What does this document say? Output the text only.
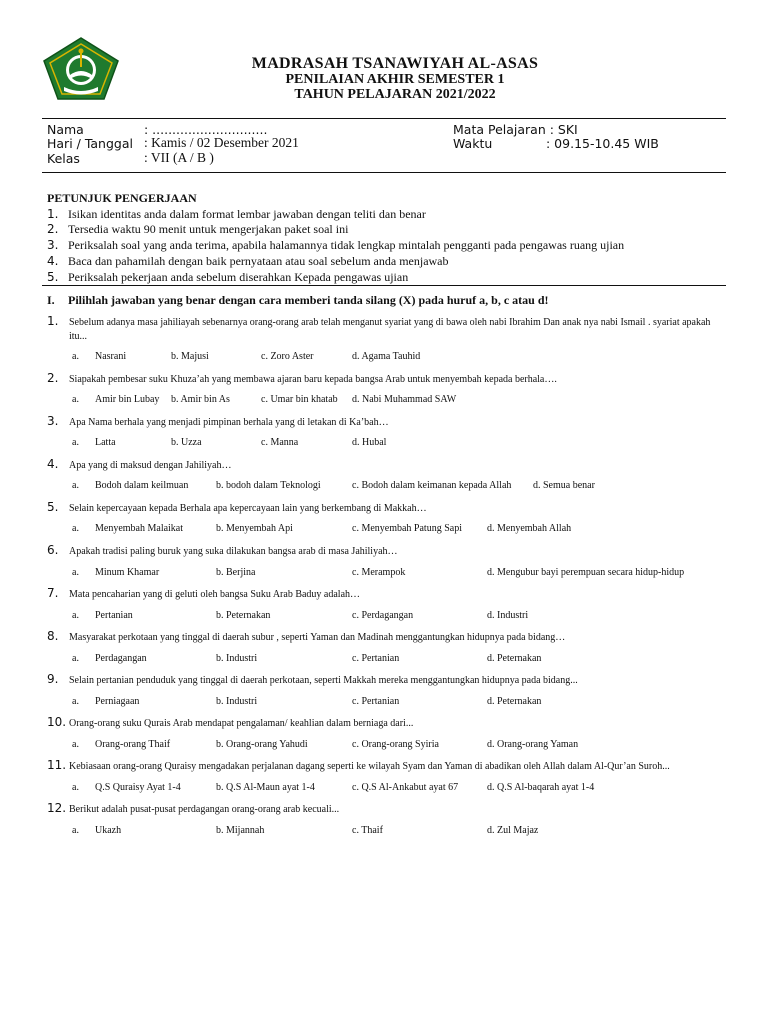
MADRASAH TSANAWIYAH AL-ASAS
PENILAIAN AKHIR SEMESTER 1
TAHUN PELAJARAN 2021/2022
Nama	: .............................
Hari / Tanggal : Kamis / 02 Desember 2021
Kelas	: VII (A / B )
Mata Pelajaran : SKI
Waktu	: 09.15-10.45 WIB
PETUNJUK PENGERJAAN
1. Isikan identitas anda dalam format lembar jawaban dengan teliti dan benar
2. Tersedia waktu 90 menit untuk mengerjakan paket soal ini
3. Periksalah soal yang anda terima, apabila halamannya tidak lengkap mintalah pengganti pada pengawas ruang ujian
4. Baca dan pahamilah dengan baik pernyataan atau soal sebelum anda menjawab
5. Periksalah pekerjaan anda sebelum diserahkan Kepada pengawas ujian
I. Pilihlah jawaban yang benar dengan cara memberi tanda silang (X) pada huruf a, b, c atau d!
1.	Sebelum adanya masa jahiliayah sebenarnya orang-orang arab telah menganut syariat yang di bawa oleh nabi Ibrahim Dan anak nya nabi Ismail . syariat apakah itu...
a. Nasrani	b. Majusi	c. Zoro Aster	d. Agama Tauhid
2.	Siapakah pembesar suku Khuza’ah yang membawa ajaran baru kepada bangsa Arab untuk menyembah kepada berhala….
a. Amir bin Lubay b. Amir bin As	c. Umar bin khatab d. Nabi Muhammad SAW
3.	Apa Nama berhala yang menjadi pimpinan berhala yang di letakan di Ka’bah…
a. Latta	b. Uzza	c. Manna	d. Hubal
4.	Apa yang di maksud dengan Jahiliyah…
a. Bodoh dalam keilmuan	b. bodoh dalam Teknologi	c. Bodoh dalam keimanan kepada Allah d. Semua benar
5.	Selain kepercayaan kepada Berhala apa kepercayaan lain yang berkembang di Makkah…
a. Menyembah Malaikat	b. Menyembah Api	c. Menyembah Patung Sapi	d. Menyembah Allah
6.	Apakah tradisi paling buruk yang suka dilakukan bangsa arab di masa Jahiliyah…
a. Minum Khamar	b. Berjina	c. Merampok	d. Mengubur bayi perempuan secara hidup-hidup
7.	Mata pencaharian yang di geluti oleh bangsa Suku Arab Baduy adalah…
a. Pertanian	b. Peternakan	c. Perdagangan	d. Industri
8.	Masyarakat perkotaan yang tinggal di daerah subur , seperti Yaman dan Madinah menggantungkan hidupnya pada bidang…
a. Perdagangan	b. Industri	c. Pertanian	d. Peternakan
9.	Selain pertanian penduduk yang tinggal di daerah perkotaan, seperti Makkah mereka menggantungkan hidupnya pada bidang...
a. Perniagaan	b. Industri	c. Pertanian	d. Peternakan
10. Orang-orang suku Qurais Arab mendapat pengalaman/ keahlian dalam berniaga dari...
a. Orang-orang Thaif	b. Orang-orang Yahudi	c. Orang-orang Syiria	d. Orang-orang Yaman
11. Kebiasaan orang-orang Quraisy mengadakan perjalanan dagang seperti ke wilayah Syam dan Yaman di abadikan oleh Allah dalam Al-Qur’an Suroh...
a. Q.S Quraisy Ayat 1-4	b. Q.S Al-Maun ayat 1-4	c. Q.S Al-Ankabut ayat 67	d. Q.S Al-baqarah ayat 1-4
12. Berikut adalah pusat-pusat perdagangan orang-orang arab kecuali...
a. Ukazh	b. Mijannah	c. Thaif	d. Zul Majaz
